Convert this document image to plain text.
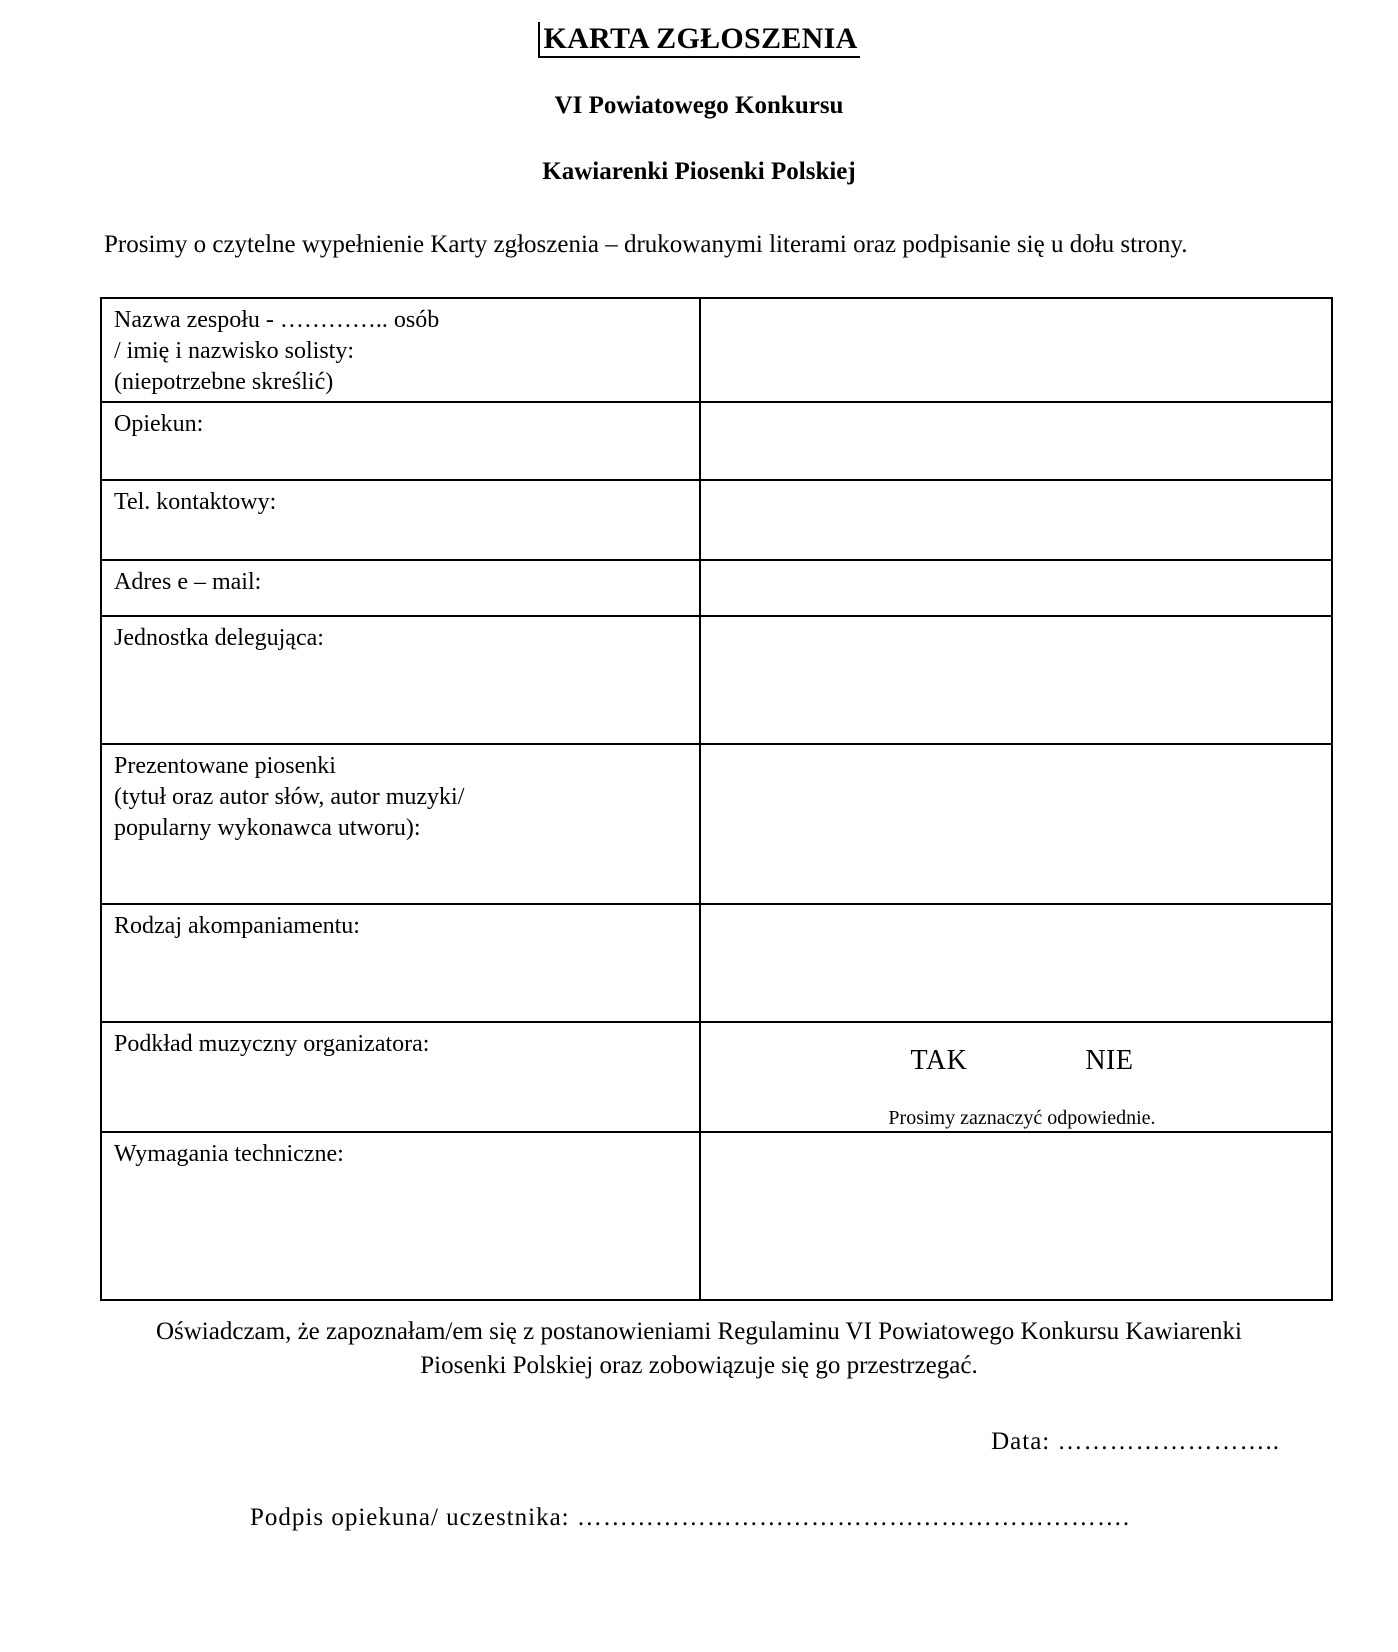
KARTA ZGŁOSZENIA
VI Powiatowego Konkursu
Kawiarenki Piosenki Polskiej

Prosimy o czytelne wypełnienie Karty zgłoszenia – drukowanymi literami oraz podpisanie się u dołu strony.

Nazwa zespołu - ………….. osób
/ imię i nazwisko solisty:
(niepotrzebne skreślić)	

Opiekun:	

Tel. kontaktowy:	

Adres e – mail:	

Jednostka delegująca:	

Prezentowane piosenki
(tytuł oraz autor słów, autor muzyki/
popularny wykonawca utworu):	

Rodzaj akompaniamentu:	

Podkład muzyczny organizatora:	TAK NIE
Prosimy zaznaczyć odpowiednie.

Wymagania techniczne:	

Oświadczam, że zapoznałam/em się z postanowieniami Regulaminu VI Powiatowego Konkursu Kawiarenki Piosenki Polskiej oraz zobowiązuje się go przestrzegać.

Data: ……………………..
Podpis opiekuna/ uczestnika: ……………………………………………………….
